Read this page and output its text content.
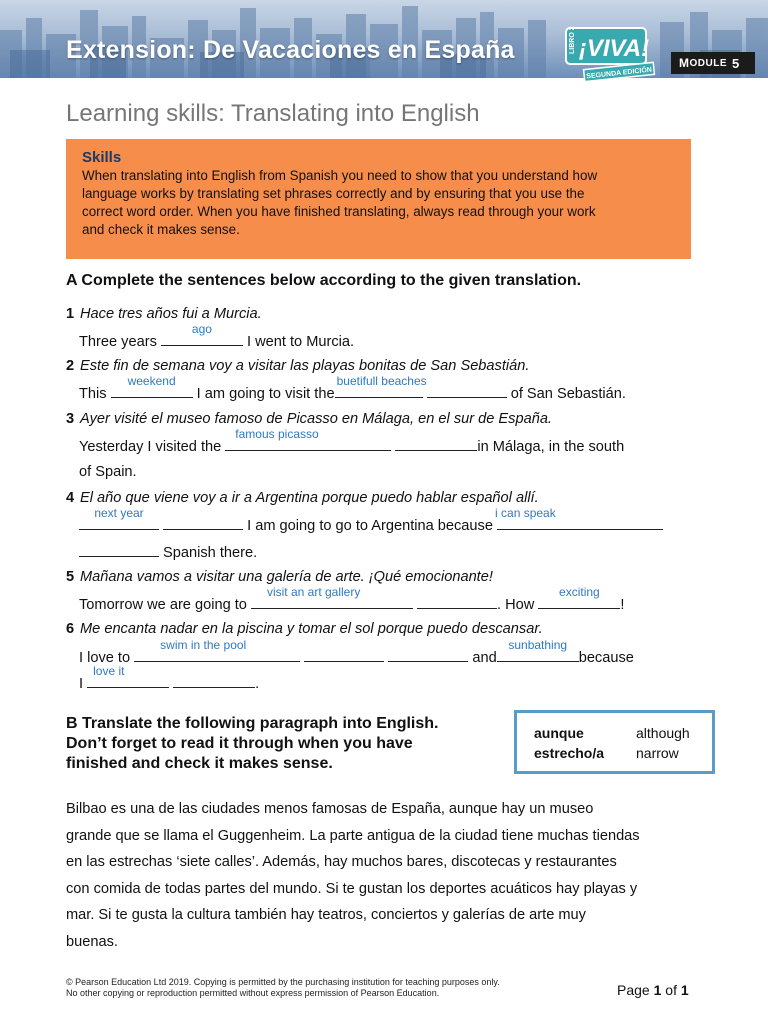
Extension: De Vacaciones en España	LIBRO 2 ¡VIVA!
SEGUNDA EDICIÓN
M ODULE 5
Learning skills: Translating into English
Skills
When translating into English from Spanish you need to show that you understand how
language works by translating set phrases correctly and by ensuring that you use the
correct word order. When you have finished translating, always read through your work
and check it makes sense.
A Complete the sentences below according to the given translation.
1 Hace tres años fui a Murcia.
Three years
ago
I went to Murcia.
2 Este fin de semana voy a visitar las playas bonitas de San Sebastián.
This
weekend
I am going to visit the
buetifull beaches
of San Sebastián.
3 Ayer visité el museo famoso de Picasso en Málaga, en el sur de España.
Yesterday I visited the
famous picasso
in Málaga, in the south
of Spain.
4 El año que viene voy a ir a Argentina porque puedo hablar español allí.
next year
I am going to go to Argentina because
i can speak
Spanish there.
5 Mañana vamos a visitar una galería de arte. ¡Qué emocionante!
Tomorrow we are going to
visit an art gallery
. How
exciting
!
6 Me encanta nadar en la piscina y tomar el sol porque puedo descansar.
I love to
swim in the pool
and
sunbathing
because
I
love it
.
B Translate the following paragraph into English.
Don’t forget to read it through when you have
finished and check it makes sense.
aunque	although
estrecho/a	narrow
Bilbao es una de las ciudades menos famosas de España, aunque hay un museo
grande que se llama el Guggenheim. La parte antigua de la ciudad tiene muchas tiendas
en las estrechas ‘siete calles’. Además, hay muchos bares, discotecas y restaurantes
con comida de todas partes del mundo. Si te gustan los deportes acuáticos hay playas y
mar. Si te gusta la cultura también hay teatros, conciertos y galerías de arte muy
buenas.
© Pearson Education Ltd 2019. Copying is permitted by the purchasing institution for teaching purposes only.
No other copying or reproduction permitted without express permission of Pearson Education.	Page 1 of 1
